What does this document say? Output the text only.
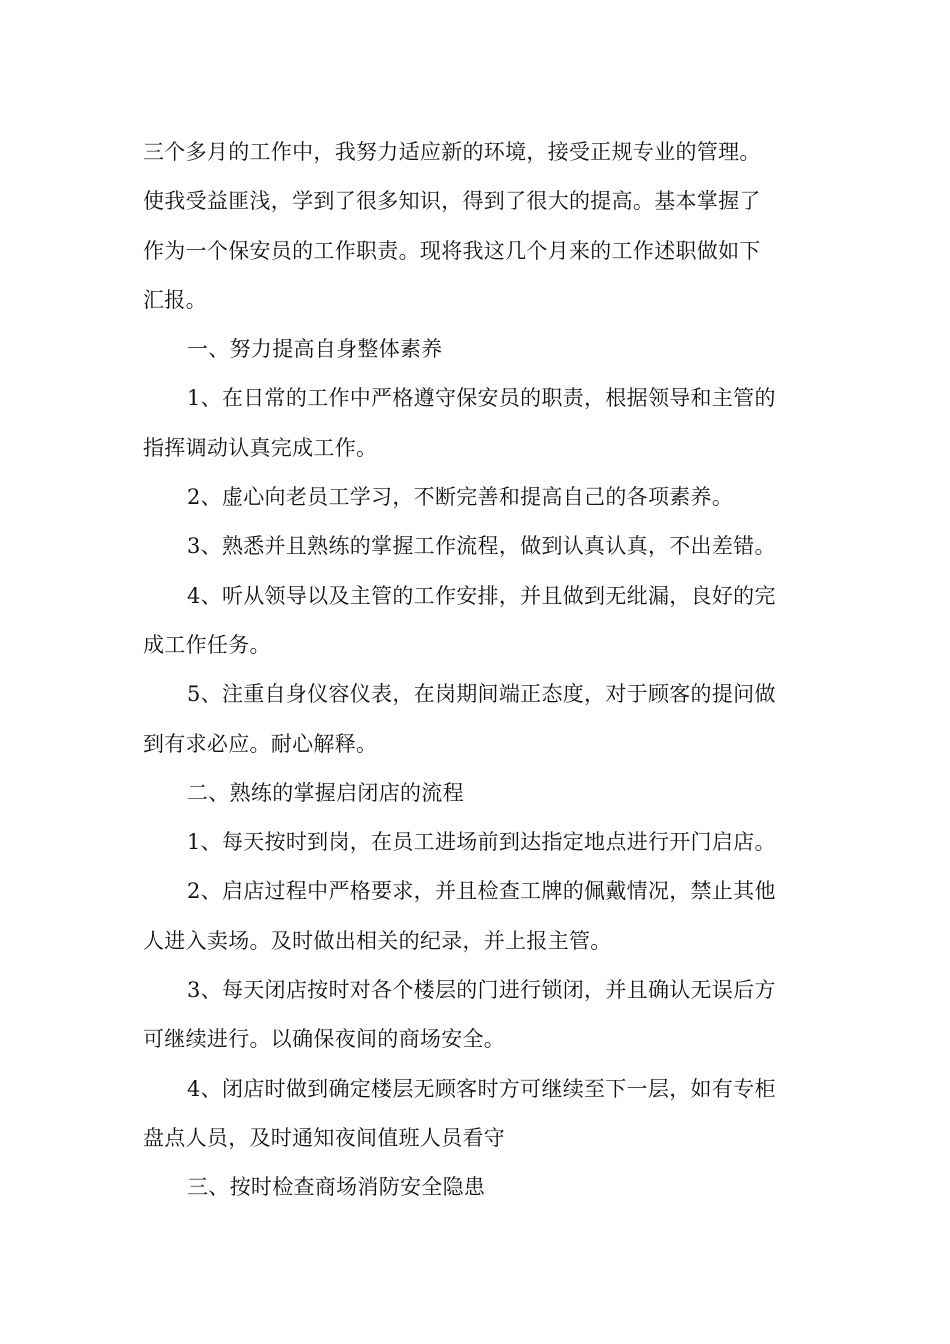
三个多月的工作中，我努力适应新的环境，接受正规专业的管理。
使我受益匪浅，学到了很多知识，得到了很大的提高。基本掌握了
作为一个保安员的工作职责。现将我这几个月来的工作述职做如下
汇报。
一、努力提高自身整体素养
1、在日常的工作中严格遵守保安员的职责，根据领导和主管的
指挥调动认真完成工作。
2、虚心向老员工学习，不断完善和提高自己的各项素养。
3、熟悉并且熟练的掌握工作流程，做到认真认真，不出差错。
4、听从领导以及主管的工作安排，并且做到无纰漏，良好的完
成工作任务。
5、注重自身仪容仪表，在岗期间端正态度，对于顾客的提问做
到有求必应。耐心解释。
二、熟练的掌握启闭店的流程
1、每天按时到岗，在员工进场前到达指定地点进行开门启店。
2、启店过程中严格要求，并且检查工牌的佩戴情况，禁止其他
人进入卖场。及时做出相关的纪录，并上报主管。
3、每天闭店按时对各个楼层的门进行锁闭，并且确认无误后方
可继续进行。以确保夜间的商场安全。
4、闭店时做到确定楼层无顾客时方可继续至下一层，如有专柜
盘点人员，及时通知夜间值班人员看守
三、按时检查商场消防安全隐患
